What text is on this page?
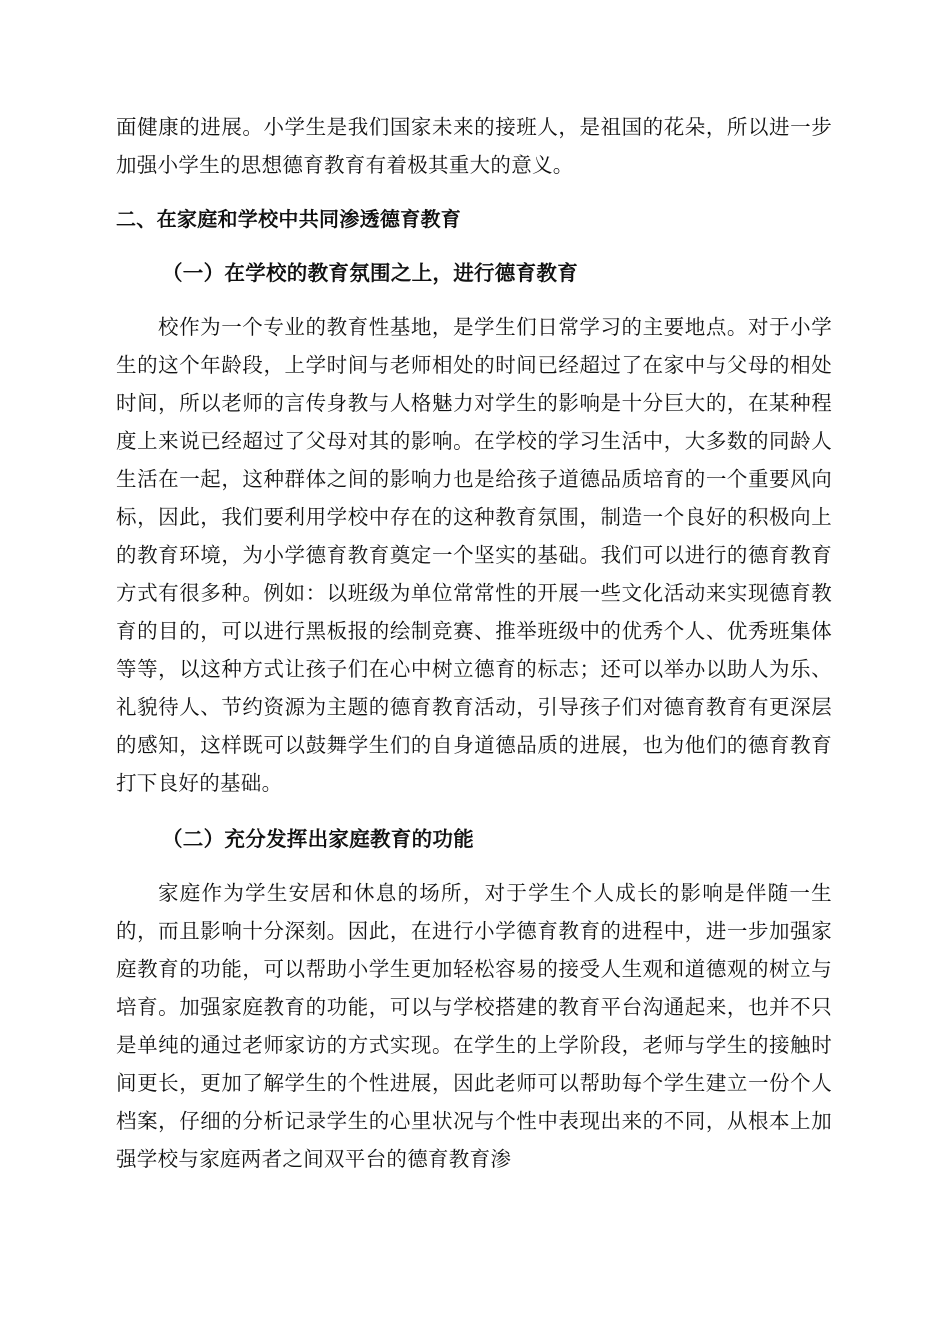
面健康的进展。小学生是我们国家未来的接班人，是祖国的花朵，所以进一步加强小学生的思想德育教育有着极其重大的意义。

二、在家庭和学校中共同渗透德育教育
（一）在学校的教育氛围之上，进行德育教育

校作为一个专业的教育性基地，是学生们日常学习的主要地点。对于小学生的这个年龄段，上学时间与老师相处的时间已经超过了在家中与父母的相处时间，所以老师的言传身教与人格魅力对学生的影响是十分巨大的，在某种程度上来说已经超过了父母对其的影响。在学校的学习生活中，大多数的同龄人生活在一起，这种群体之间的影响力也是给孩子道德品质培育的一个重要风向标，因此，我们要利用学校中存在的这种教育氛围，制造一个良好的积极向上的教育环境，为小学德育教育奠定一个坚实的基础。我们可以进行的德育教育方式有很多种。例如：以班级为单位常常性的开展一些文化活动来实现德育教育的目的，可以进行黑板报的绘制竞赛、推举班级中的优秀个人、优秀班集体等等，以这种方式让孩子们在心中树立德育的标志；还可以举办以助人为乐、礼貌待人、节约资源为主题的德育教育活动，引导孩子们对德育教育有更深层的感知，这样既可以鼓舞学生们的自身道德品质的进展，也为他们的德育教育打下良好的基础。

（二）充分发挥出家庭教育的功能

家庭作为学生安居和休息的场所，对于学生个人成长的影响是伴随一生的，而且影响十分深刻。因此，在进行小学德育教育的进程中，进一步加强家庭教育的功能，可以帮助小学生更加轻松容易的接受人生观和道德观的树立与培育。加强家庭教育的功能，可以与学校搭建的教育平台沟通起来，也并不只是单纯的通过老师家访的方式实现。在学生的上学阶段，老师与学生的接触时间更长，更加了解学生的个性进展，因此老师可以帮助每个学生建立一份个人档案，仔细的分析记录学生的心里状况与个性中表现出来的不同，从根本上加强学校与家庭两者之间双平台的德育教育渗
